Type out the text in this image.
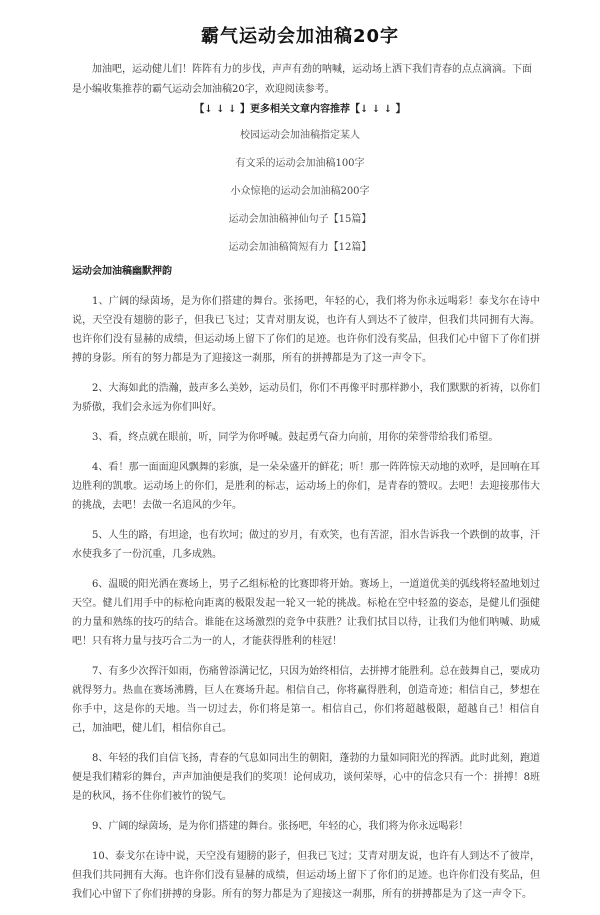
霸气运动会加油稿20字
加油吧，运动健儿们！阵阵有力的步伐，声声有劲的呐喊，运动场上洒下我们青春的点点滴滴。下面是小编收集推荐的霸气运动会加油稿20字，欢迎阅读参考。
【↓ ↓ ↓ 】更多相关文章内容推荐【↓ ↓ ↓ 】
校园运动会加油稿指定某人
有文采的运动会加油稿100字
小众惊艳的运动会加油稿200字
运动会加油稿神仙句子【15篇】
运动会加油稿简短有力【12篇】
运动会加油稿幽默押韵

1、广阔的绿茵场，是为你们搭建的舞台。张扬吧，年轻的心，我们将为你永远喝彩！泰戈尔在诗中说，天空没有翅膀的影子，但我已飞过；艾青对朋友说，也许有人到达不了彼岸，但我们共同拥有大海。也许你们没有显赫的成绩，但运动场上留下了你们的足迹。也许你们没有奖品，但我们心中留下了你们拼搏的身影。所有的努力都是为了迎接这一刹那，所有的拼搏都是为了这一声令下。

2、大海如此的浩瀚，鼓声多么美妙，运动员们，你们不再像平时那样渺小，我们默默的祈祷，以你们为骄傲，我们会永远为你们叫好。

3、看，终点就在眼前，听，同学为你呼喊。鼓起勇气奋力向前，用你的荣誉带给我们希望。

4、看！那一面面迎风飘舞的彩旗，是一朵朵盛开的鲜花；听！那一阵阵惊天动地的欢呼，是回响在耳边胜利的凯歌。运动场上的你们，是胜利的标志，运动场上的你们，是青春的赞叹。去吧！去迎接那伟大的挑战，去吧！去做一名追风的少年。

5、人生的路，有坦途，也有坎坷；做过的岁月，有欢笑，也有苦涩，泪水告诉我一个跌倒的故事，汗水使我多了一份沉重，几多成熟。

6、温暖的阳光洒在赛场上，男子乙组标枪的比赛即将开始。赛场上，一道道优美的弧线将轻盈地划过天空。健儿们用手中的标枪向距离的极限发起一轮又一轮的挑战。标枪在空中轻盈的姿态，是健儿们强健的力量和熟练的技巧的结合。谁能在这场激烈的竞争中获胜？让我们拭目以待，让我们为他们呐喊、助威吧！只有将力量与技巧合二为一的人，才能获得胜利的桂冠！

7、有多少次挥汗如雨，伤痛曾添满记忆，只因为始终相信，去拼搏才能胜利。总在鼓舞自己，要成功就得努力。热血在赛场沸腾，巨人在赛场升起。相信自己，你将赢得胜利，创造奇迹；相信自己，梦想在你手中，这是你的天地。当一切过去，你们将是第一。相信自己，你们将超越极限，超越自己！相信自己，加油吧，健儿们，相信你自己。

8、年轻的我们自信飞扬，青春的气息如同出生的朝阳，蓬勃的力量如同阳光的挥洒。此时此刻，跑道便是我们精彩的舞台，声声加油便是我们的奖项！论何成功，谈何荣辱，心中的信念只有一个：拼搏！8班是的秋风，扬不住你们被竹的锐气。

9、广阔的绿茵场，是为你们搭建的舞台。张扬吧，年轻的心，我们将为你永远喝彩！

10、泰戈尔在诗中说，天空没有翅膀的影子，但我已飞过；艾青对朋友说，也许有人到达不了彼岸，但我们共同拥有大海。也许你们没有显赫的成绩，但运动场上留下了你们的足迹。也许你们没有奖品，但我们心中留下了你们拼搏的身影。所有的努力都是为了迎接这一刹那，所有的拼搏都是为了这一声令下。
